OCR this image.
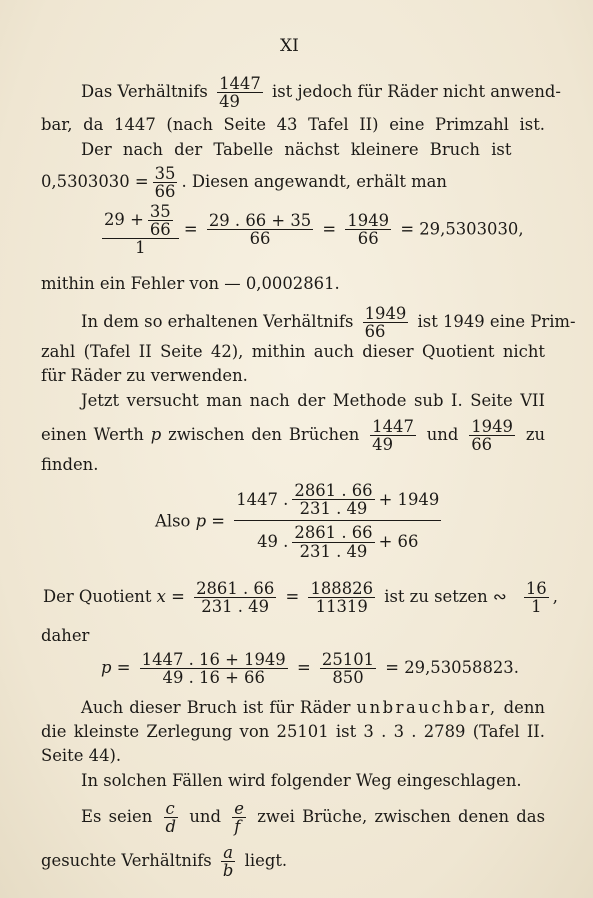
XI
Das Verhältnifs $\frac{1447}{49}$ ist jedoch für Räder nicht anwend-
bar, da 1447 (nach Seite 43 Tafel II) eine Primzahl ist.
Der nach der Tabelle nächst kleinere Bruch ist
$0,5303030 = \frac{35}{66}$ . Diesen angewandt, erhält man
$\frac{29 + \frac{35}{66}}{1} = \frac{29 . 66 + 35}{66} = \frac{1949}{66} = 29,5303030$,
mithin ein Fehler von — 0,0002861.
In dem so erhaltenen Verhältnifs $\frac{1949}{66}$ ist 1949 eine Prim-
zahl (Tafel II Seite 42), mithin auch dieser Quotient nicht
für Räder zu verwenden.
Jetzt versucht man nach der Methode sub I. Seite VII
einen Werth p zwischen den Brüchen $\frac{1447}{49}$ und $\frac{1949}{66}$ zu
finden.
Also $p = \frac{1447 . \frac{2861 . 66}{231 . 49} + 1949}{49 . \frac{2861 . 66}{231 . 49} + 66}$
Der Quotient $x = \frac{2861 . 66}{231 . 49} = \frac{188826}{11319}$ ist zu setzen ∾ $\frac{16}{1}$ ,
daher
$p = \frac{1447 . 16 + 1949}{49 . 16 + 66} = \frac{25101}{850} = 29,53058823$.
Auch dieser Bruch ist für Räder unbrauchbar, denn
die kleinste Zerlegung von 25101 ist 3 . 3 . 2789 (Tafel II.
Seite 44).
In solchen Fällen wird folgender Weg eingeschlagen.
Es seien $\frac{c}{d}$ und $\frac{e}{f}$ zwei Brüche, zwischen denen das
gesuchte Verhältnifs $\frac{a}{b}$ liegt.
